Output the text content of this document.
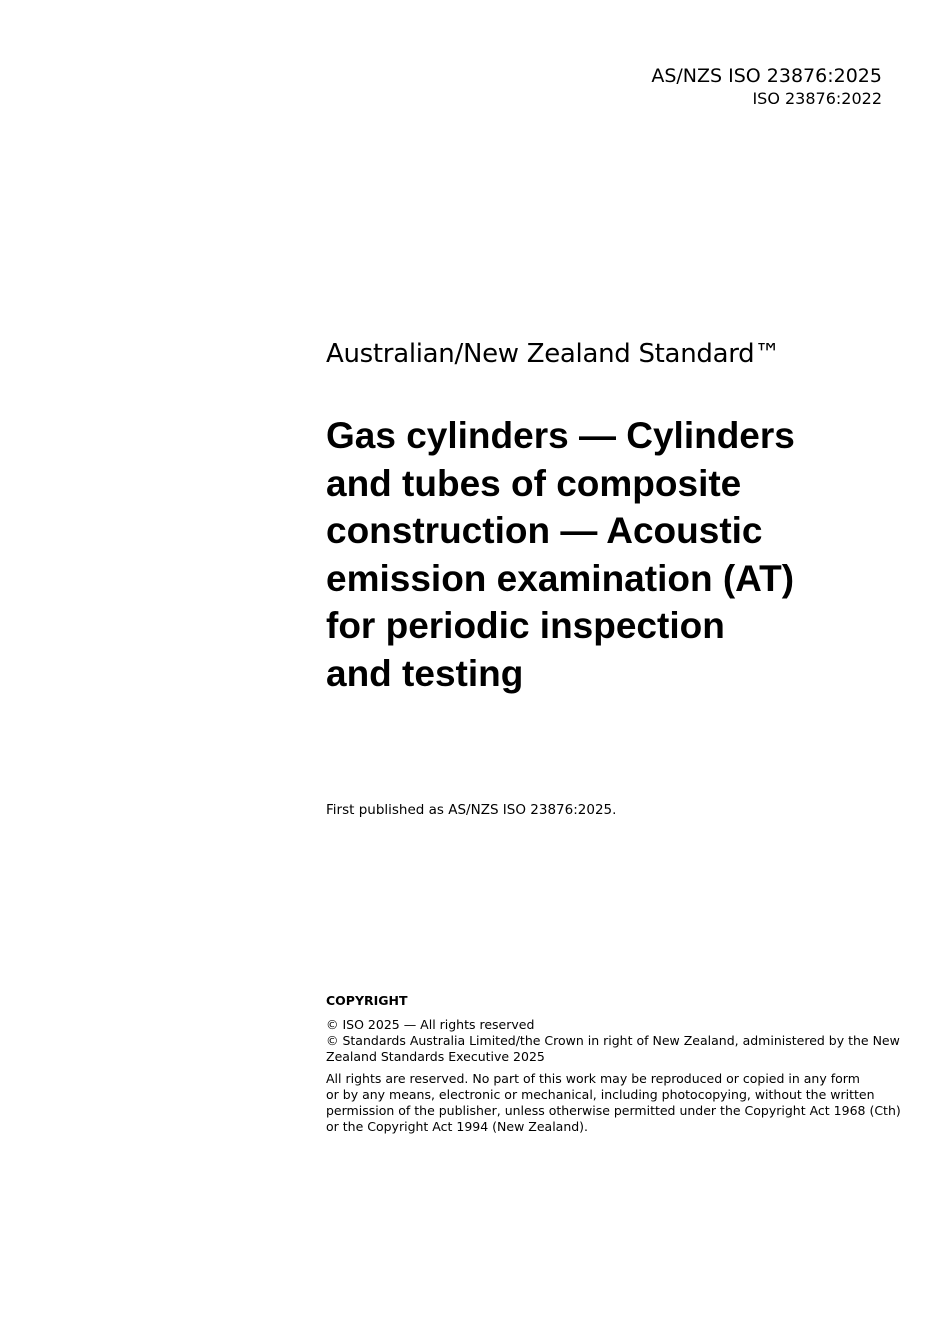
AS/NZS ISO 23876:2025
ISO 23876:2022
Australian/New Zealand Standard™
Gas cylinders — Cylinders
and tubes of composite
construction — Acoustic
emission examination (AT)
for periodic inspection
and testing
First published as AS/NZS ISO 23876:2025.
COPYRIGHT
© ISO 2025 — All rights reserved
© Standards Australia Limited/the Crown in right of New Zealand, administered by the New
Zealand Standards Executive 2025
All rights are reserved. No part of this work may be reproduced or copied in any form
or by any means, electronic or mechanical, including photocopying, without the written
permission of the publisher, unless otherwise permitted under the Copyright Act 1968 (Cth)
or the Copyright Act 1994 (New Zealand).
